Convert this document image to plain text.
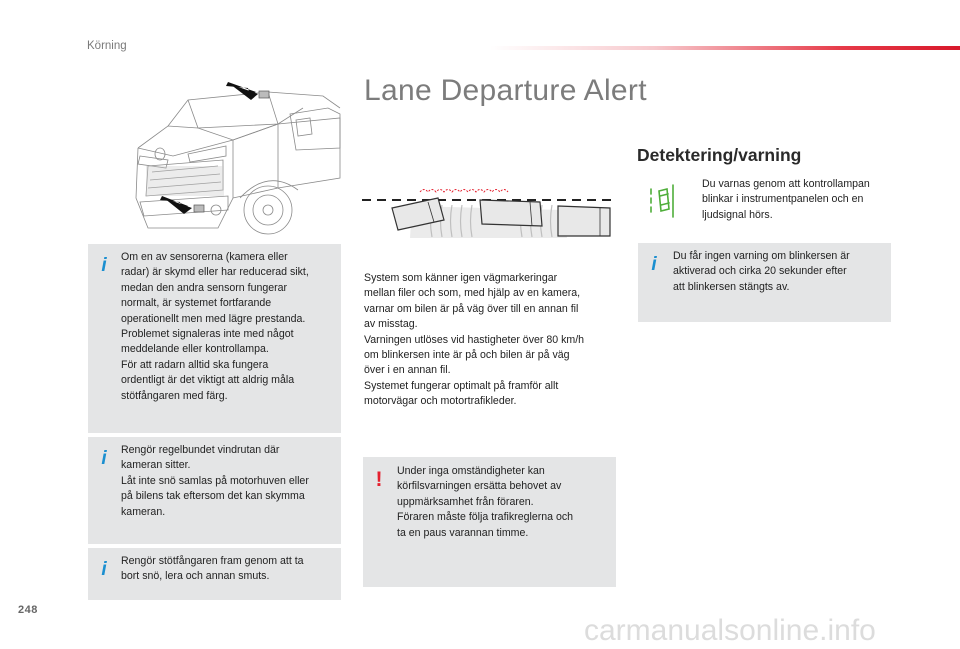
Körning
Lane Departure Alert
Detektering/varning

Du varnas genom att kontrollampan
blinkar i instrumentpanelen och en
ljudsignal hörs.

System som känner igen vägmarkeringar
mellan filer och som, med hjälp av en kamera,
varnar om bilen är på väg över till en annan fil
av misstag.
Varningen utlöses vid hastigheter över 80 km/h
om blinkersen inte är på och bilen är på väg
över i en annan fil.
Systemet fungerar optimalt på framför allt
motorvägar och motortrafikleder.

i	Om en av sensorerna (kamera eller
radar) är skymd eller har reducerad sikt,
medan den andra sensorn fungerar
normalt, är systemet fortfarande
operationellt men med lägre prestanda.
Problemet signaleras inte med något
meddelande eller kontrollampa.
För att radarn alltid ska fungera
ordentligt är det viktigt att aldrig måla
stötfångaren med färg.

i	Rengör regelbundet vindrutan där
kameran sitter.
Låt inte snö samlas på motorhuven eller
på bilens tak eftersom det kan skymma
kameran.

i	Rengör stötfångaren fram genom att ta
bort snö, lera och annan smuts.

!	Under inga omständigheter kan
körfilsvarningen ersätta behovet av
uppmärksamhet från föraren.
Föraren måste följa trafikreglerna och
ta en paus varannan timme.

i	Du får ingen varning om blinkersen är
aktiverad och cirka 20 sekunder efter
att blinkersen stängts av.

248
carmanualsonline.info
